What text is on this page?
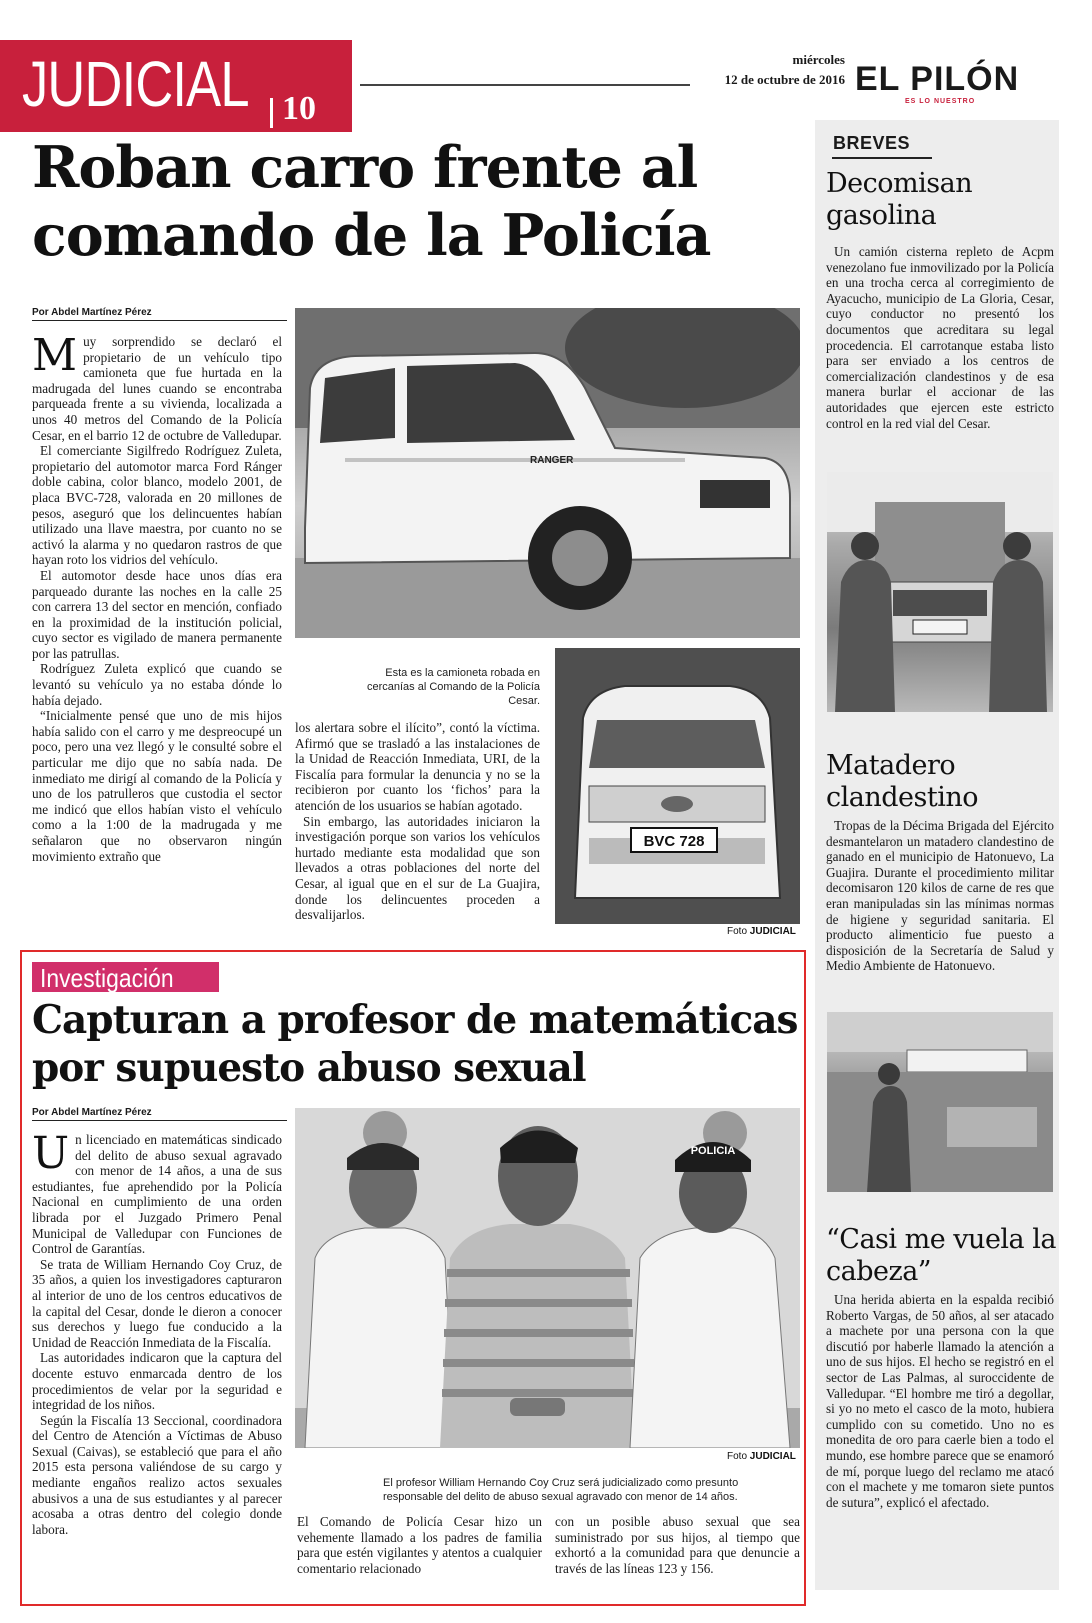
JUDICIAL 10
miércoles
12 de octubre de 2016 EL PILÓN
ES LO NUESTRO
Roban carro frente al comando de la Policía
Por Abdel Martínez Pérez

Muy sorprendido se declaró el propietario de un vehículo tipo camioneta que fue hurtada en la madrugada del lunes cuando se encontraba parqueada frente a su vivienda, localizada a unos 40 metros del Comando de la Policía Cesar, en el barrio 12 de octubre de Valledupar.

El comerciante Sigilfredo Rodríguez Zuleta, propietario del automotor marca Ford Ránger doble cabina, color blanco, modelo 2001, de placa BVC-728, valorada en 20 millones de pesos, aseguró que los delincuentes habían utilizado una llave maestra, por cuanto no se activó la alarma y no quedaron rastros de que hayan roto los vidrios del vehículo.

El automotor desde hace unos días era parqueado durante las noches en la calle 25 con carrera 13 del sector en mención, confiado en la proximidad de la institución policial, cuyo sector es vigilado de manera permanente por las patrullas.

Rodríguez Zuleta explicó que cuando se levantó su vehículo ya no estaba dónde lo había dejado.

“Inicialmente pensé que uno de mis hijos había salido con el carro y me despreocupé un poco, pero una vez llegó y le consulté sobre el particular me dijo que no sabía nada. De inmediato me dirigí al comando de la Policía y uno de los patrulleros que custodia el sector me indicó que ellos habían visto el vehículo como a la 1:00 de la madrugada y me señalaron que no observaron ningún movimiento extraño que

RANGER
Esta es la camioneta robada en cercanías al Comando de la Policía Cesar.
BVC 728

los alertara sobre el ilícito”, contó la víctima. Afirmó que se trasladó a las instalaciones de la Unidad de Reacción Inmediata, URI, de la Fiscalía para formular la denuncia y no se la recibieron por cuanto los ‘fichos’ para la atención de los usuarios se habían agotado.

Sin embargo, las autoridades iniciaron la investigación porque son varios los vehículos hurtado mediante esta modalidad que son llevados a otras poblaciones del norte del Cesar, al igual que en el sur de La Guajira, donde los delincuentes proceden a desvalijarlos.

Foto JUDICIAL
Investigación
Capturan a profesor de matemáticas por supuesto abuso sexual
Por Abdel Martínez Pérez

Un licenciado en matemáticas sindicado del delito de abuso sexual agravado con menor de 14 años, a una de sus estudiantes, fue aprehendido por la Policía Nacional en cumplimiento de una orden librada por el Juzgado Primero Penal Municipal de Valledupar con Funciones de Control de Garantías.

Se trata de William Hernando Coy Cruz, de 35 años, a quien los investigadores capturaron al interior de uno de los centros educativos de la capital del Cesar, donde le dieron a conocer sus derechos y luego fue conducido a la Unidad de Reacción Inmediata de la Fiscalía.

Las autoridades indicaron que la captura del docente estuvo enmarcada dentro de los procedimientos de velar por la seguridad e integridad de los niños.

Según la Fiscalía 13 Seccional, coordinadora del Centro de Atención a Víctimas de Abuso Sexual (Caivas), se estableció que para el año 2015 esta persona valiéndose de su cargo y mediante engaños realizo actos sexuales abusivos a una de sus estudiantes y al parecer acosaba a otras dentro del colegio donde labora.

POLICIA
Foto JUDICIAL
El profesor William Hernando Coy Cruz será judicializado como presunto responsable del delito de abuso sexual agravado con menor de 14 años.

El Comando de Policía Cesar hizo un vehemente llamado a los padres de familia para que estén vigilantes y atentos a cualquier comentario relacionado

con un posible abuso sexual que sea suministrado por sus hijos, al tiempo que exhortó a la comunidad para que denuncie a través de las líneas 123 y 156.

BREVES
Decomisan gasolina
Un camión cisterna repleto de Acpm venezolano fue inmovilizado por la Policía en una trocha cerca al corregimiento de Ayacucho, municipio de La Gloria, Cesar, cuyo conductor no presentó los documentos que acreditara su legal procedencia. El carrotanque estaba listo para ser enviado a los centros de comercialización clandestinos y de esa manera burlar el accionar de las autoridades que ejercen este estricto control en la red vial del Cesar.
Matadero clandestino
Tropas de la Décima Brigada del Ejército desmantelaron un matadero clandestino de ganado en el municipio de Hatonuevo, La Guajira. Durante el procedimiento militar decomisaron 120 kilos de carne de res que eran manipuladas sin las mínimas normas de higiene y seguridad sanitaria. El producto alimenticio fue puesto a disposición de la Secretaría de Salud y Medio Ambiente de Hatonuevo.
“Casi me vuela la cabeza”
Una herida abierta en la espalda recibió Roberto Vargas, de 50 años, al ser atacado a machete por una persona con la que discutió por haberle llamado la atención a uno de sus hijos. El hecho se registró en el sector de Las Palmas, al suroccidente de Valledupar. “El hombre me tiró a degollar, si yo no meto el casco de la moto, hubiera cumplido con su cometido. Uno no es moneditа de oro para caerle bien a todo el mundo, ese hombre parece que se enamoró de mí, porque luego del reclamo me atacó con el machete y me tomaron siete puntos de sutura”, explicó el afectado.
